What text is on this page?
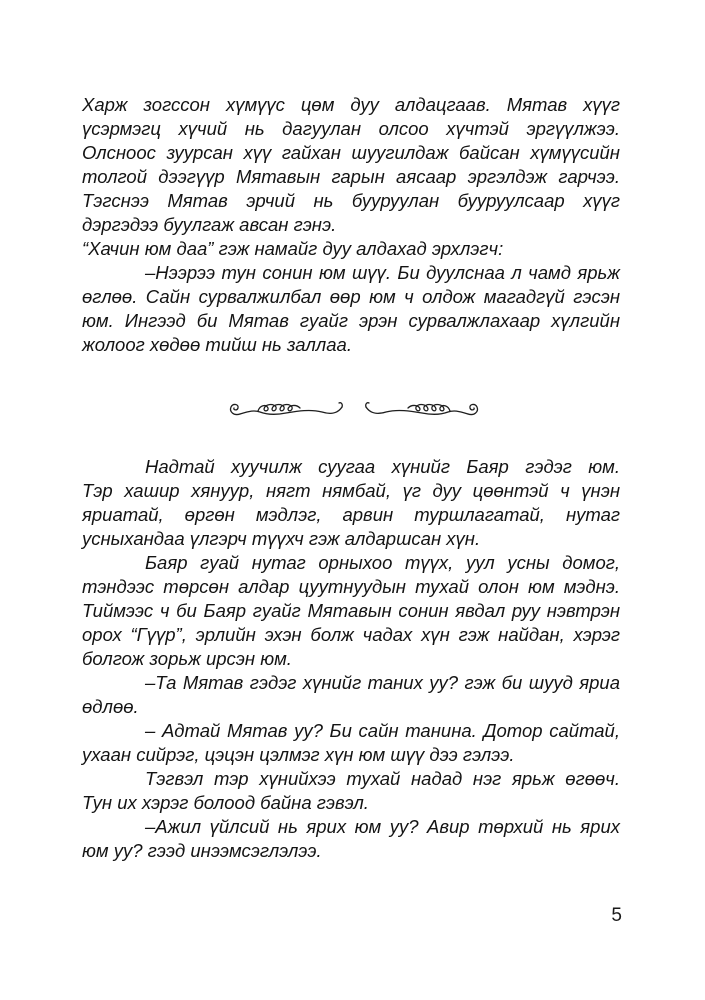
Харж зогссон хүмүүс цөм дуу алдацгаав. Мятав хүүг
үсэрмэгц хүчий нь дагуулан олсоо хүчтэй эргүүлжээ.
Олсноос зуурсан хүү гайхан шуугилдаж байсан хүмүүсийн
толгой дээгүүр Мятавын гарын аясаар эргэлдэж гарчээ.
Тэгснээ Мятав эрчий нь бууруулан бууруулсаар хүүг
дэргэдээ буулгаж авсан гэнэ.
“Хачин юм даа” гэж намайг дуу алдахад эрхлэгч:
–Нээрээ тун сонин юм шүү. Би дуулснаа л чамд ярьж
өглөө. Сайн сурвалжилбал өөр юм ч олдож магадгүй гэсэн
юм. Ингээд би Мятав гуайг эрэн сурвалжлахаар хүлгийн
жолоог хөдөө тийш нь заллаа.
Надтай хуучилж суугаа хүнийг Баяр гэдэг юм.
Тэр хашир хянуур, нягт нямбай, үг дуу цөөнтэй ч үнэн
яриатай, өргөн мэдлэг, арвин туршлагатай, нутаг
усныхандаа үлгэрч түүхч гэж алдаршсан хүн.
Баяр гуай нутаг орныхоо түүх, уул усны домог,
тэндээс төрсөн алдар цуутнуудын тухай олон юм мэднэ.
Тиймээс ч би Баяр гуайг Мятавын сонин явдал руу нэвтрэн
орох “Гүүр”, эрлийн эхэн болж чадах хүн гэж найдан, хэрэг
болгож зорьж ирсэн юм.
–Та Мятав гэдэг хүнийг таних уу? гэж би шууд яриа
өдлөө.
– Адтай Мятав уу? Би сайн танина. Дотор сайтай,
ухаан сийрэг, цэцэн цэлмэг хүн юм шүү дээ гэлээ.
Тэгвэл тэр хүнийхээ тухай надад нэг ярьж өгөөч.
Тун их хэрэг болоод байна гэвэл.
–Ажил үйлсий нь ярих юм уу? Авир төрхий нь ярих
юм уу? гээд инээмсэглэлээ.
5
